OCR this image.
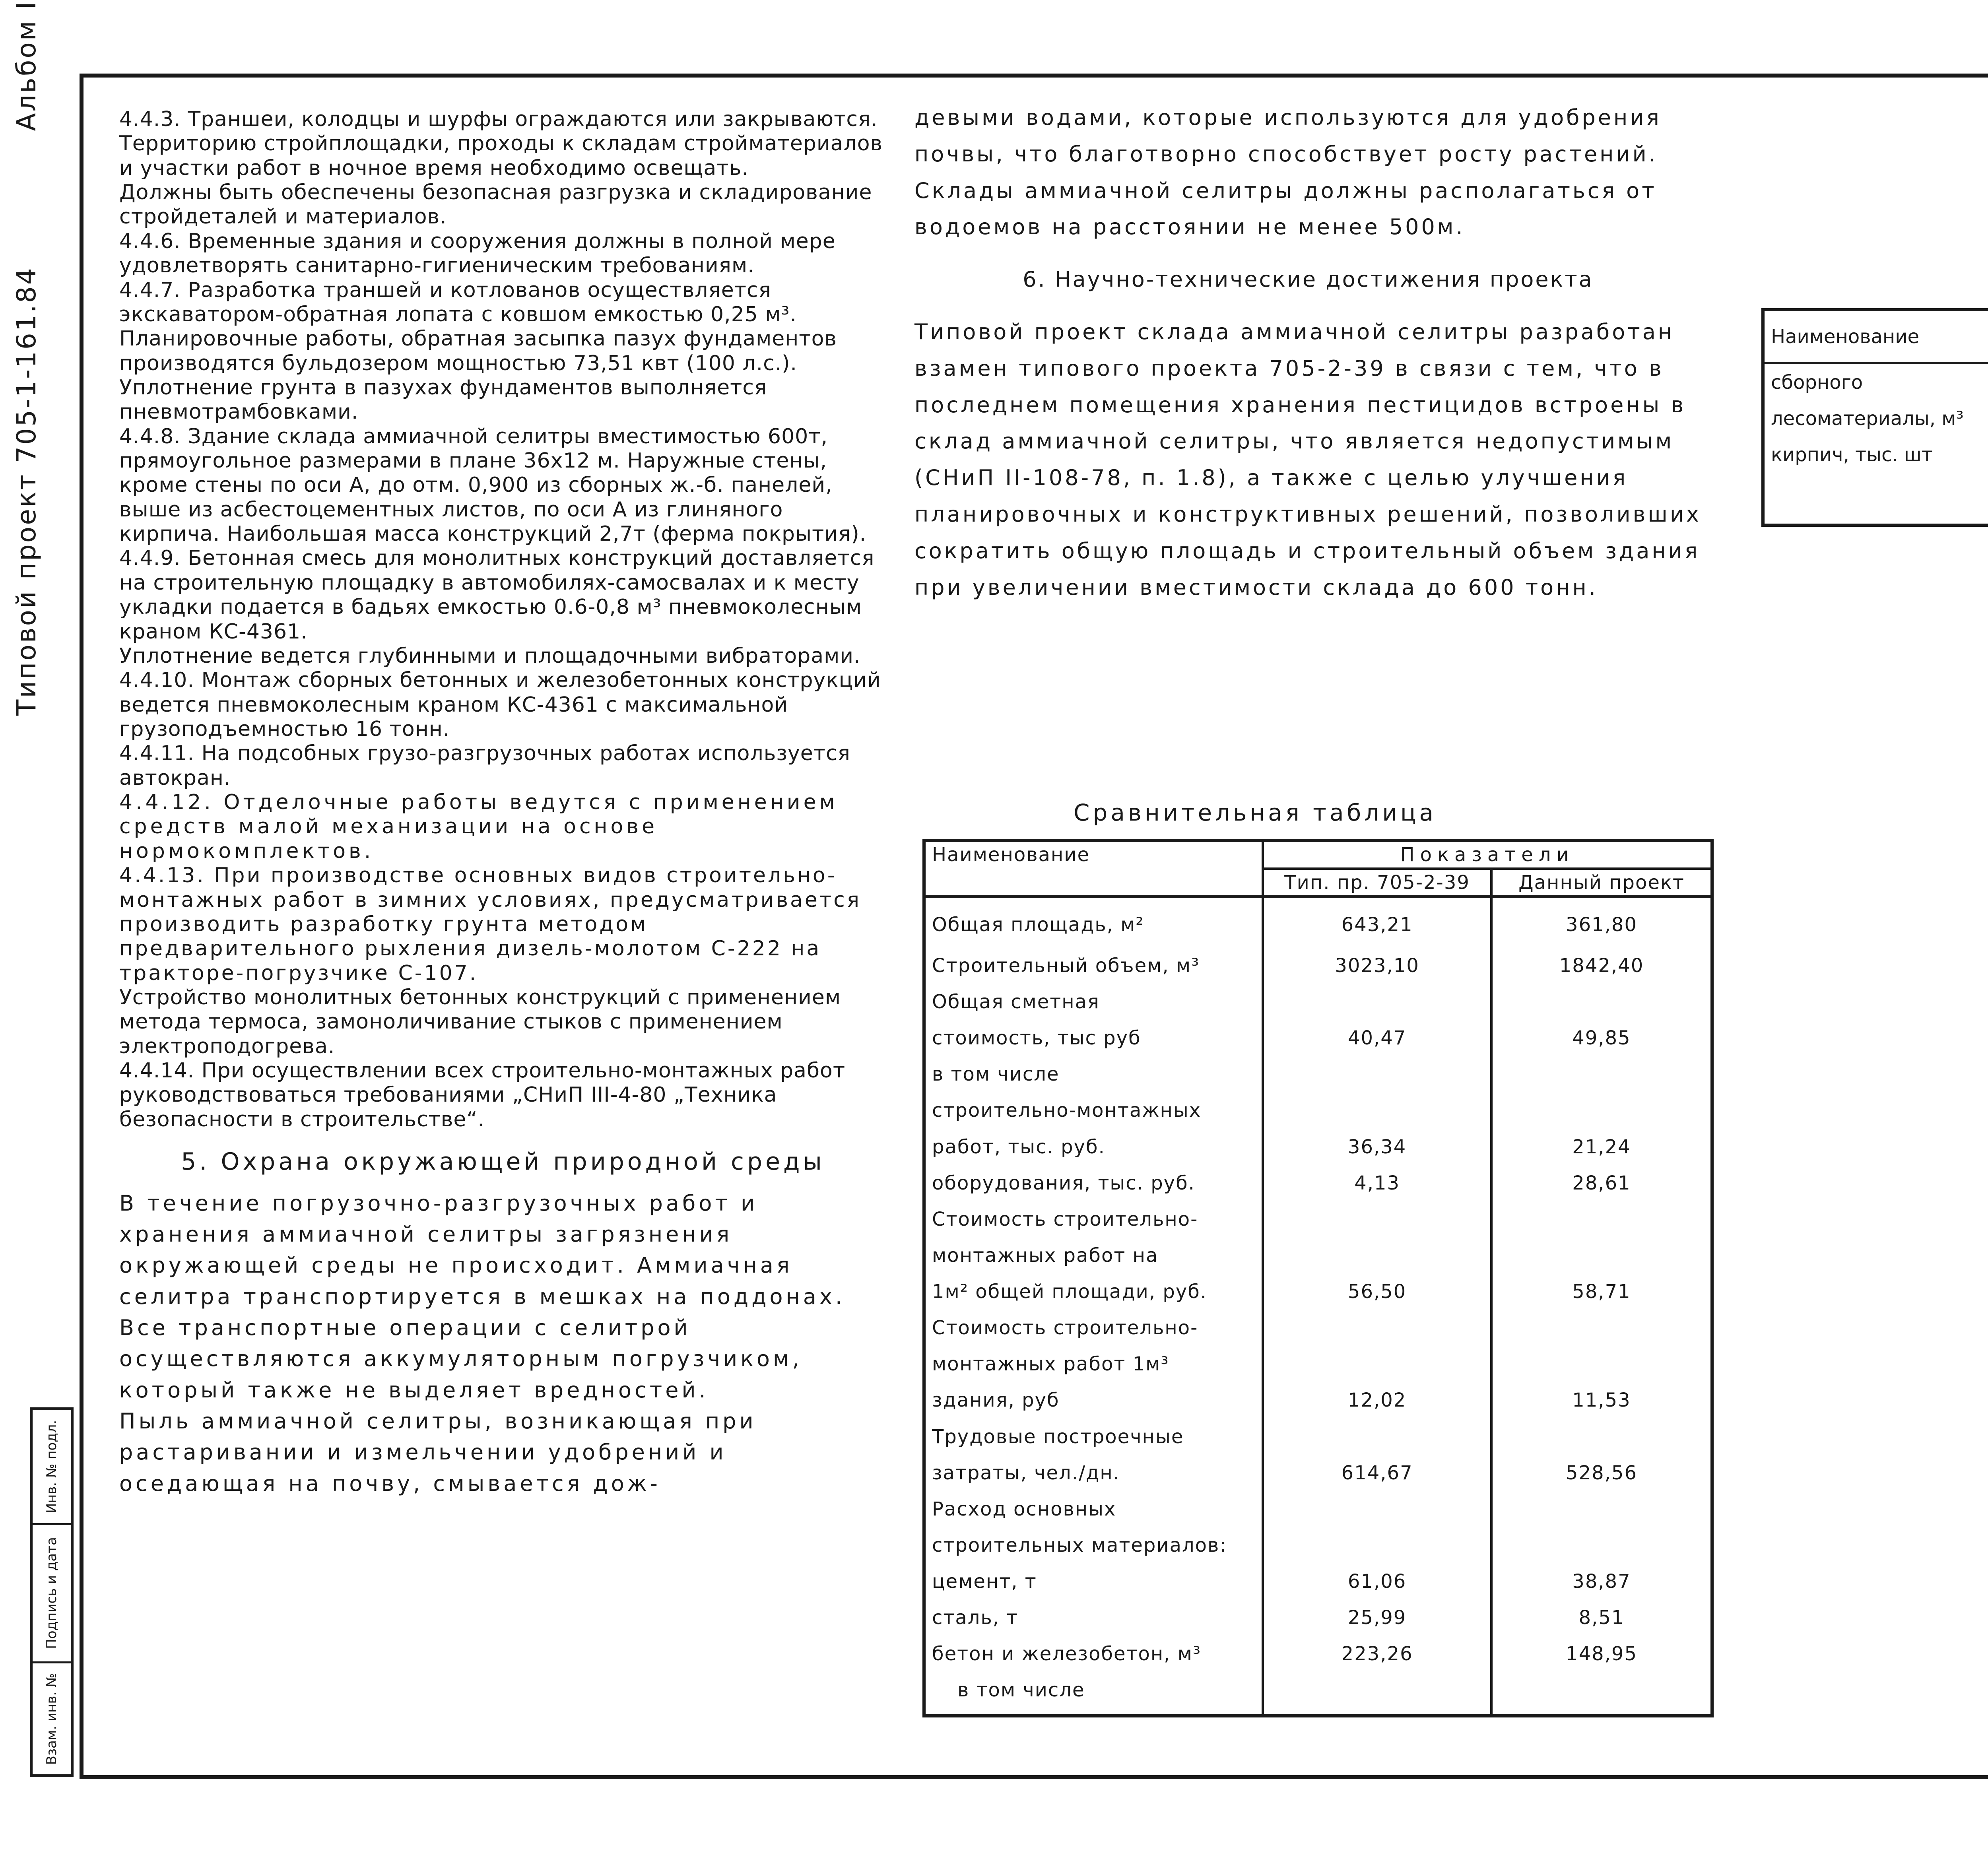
Типовой проект 705-1-161.84
Альбом I
Инв. № подл.
Подпись и дата
Взам. инв. №

4.4.3. Траншеи, колодцы и шурфы ограждаются или закрываются.

Территорию стройплощадки, проходы к складам стройматериалов и участки работ в ночное время необходимо освещать.

Должны быть обеспечены безопасная разгрузка и складирование стройдеталей и материалов.

4.4.6. Временные здания и сооружения должны в полной мере удовлетворять санитарно-гигиеническим требованиям.

4.4.7. Разработка траншей и котлованов осуществляется экскаватором-обратная лопата с ковшом емкостью 0,25 м³.

Планировочные работы, обратная засыпка пазух фундаментов производятся бульдозером мощностью 73,51 квт (100 л.с.).

Уплотнение грунта в пазухах фундаментов выполняется пневмотрамбовками.

4.4.8. Здание склада аммиачной селитры вместимостью 600т, прямоугольное размерами в плане 36x12 м. Наружные стены, кроме стены по оси А, до отм. 0,900 из сборных ж.-б. панелей, выше из асбестоцементных листов, по оси А из глиняного кирпича. Наибольшая масса конструкций 2,7т (ферма покрытия).

4.4.9. Бетонная смесь для монолитных конструкций доставляется на строительную площадку в автомобилях-самосвалах и к месту укладки подается в бадьях емкостью 0.6-0,8 м³ пневмоколесным краном КС-4361.

Уплотнение ведется глубинными и площадочными вибраторами.

4.4.10. Монтаж сборных бетонных и железобетонных конструкций ведется пневмоколесным краном КС-4361 с максимальной грузоподъемностью 16 тонн.

4.4.11. На подсобных грузо-разгрузочных работах используется автокран.

4.4.12. Отделочные работы ведутся с применением средств малой механизации на основе нормокомплектов.

4.4.13. При производстве основных видов строительно-монтажных работ в зимних условиях, предусматривается производить разработку грунта методом предварительного рыхления дизель-молотом С-222 на тракторе-погрузчике С-107.

Устройство монолитных бетонных конструкций с применением метода термоса, замоноличивание стыков с применением электроподогрева.

4.4.14. При осуществлении всех строительно-монтажных работ руководствоваться требованиями „СНиП III-4-80 „Техника безопасности в строительстве“.

5. Охрана окружающей природной среды

В течение погрузочно-разгрузочных работ и хранения аммиачной селитры загрязнения окружающей среды не происходит. Аммиачная селитра транспортируется в мешках на поддонах. Все транспортные операции с селитрой осуществляются аккумуляторным погрузчиком, который также не выделяет вредностей.

Пыль аммиачной селитры, возникающая при растаривании и измельчении удобрений и оседающая на почву, смывается дож-

девыми водами, которые используются для удобрения почвы, что благотворно способствует росту растений.

Склады аммиачной селитры должны располагаться от водоемов на расстоянии не менее 500м.

6. Научно-технические достижения проекта

Типовой проект склада аммиачной селитры разработан взамен типового проекта 705-2-39 в связи с тем, что в последнем помещения хранения пестицидов встроены в склад аммиачной селитры, что является недопустимым (СНиП II-108-78, п. 1.8), а также с целью улучшения планировочных и конструктивных решений, позволивших сократить общую площадь и строительный объем здания при увеличении вместимости склада до 600 тонн.

Сравнительная таблица
Наименование	Показатели	
	Тип. пр. 705-2-39	Данный проект
Общая площадь, м²	643,21	361,80
Строительный объем, м³	3023,10	1842,40
Общая сметная		
стоимость, тыс руб	40,47	49,85
в том числе		
строительно-монтажных		
работ, тыс. руб.	36,34	21,24
оборудования, тыс. руб.	4,13	28,61
Стоимость строительно-		
монтажных работ на		
1м² общей площади, руб.	56,50	58,71
Стоимость строительно-		
монтажных работ 1м³		
здания, руб	12,02	11,53
Трудовые построечные		
затраты, чел./дн.	614,67	528,56
Расход основных		
строительных материалов:		
цемент, т	61,06	38,87
сталь, т	25,99	8,51
бетон и железобетон, м³	223,26	148,95
в том числе		
Наименование	

сборного		
лесоматериалы, м³		
кирпич, тыс. шт		
